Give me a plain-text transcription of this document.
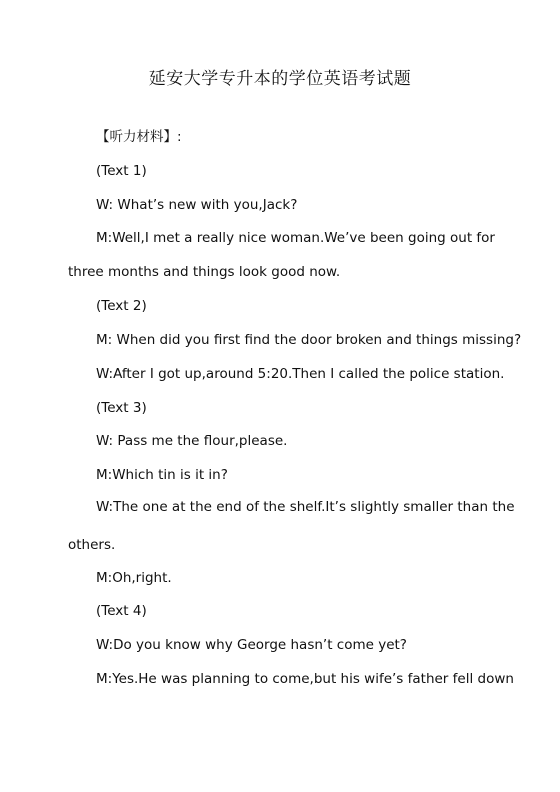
延安大学专升本的学位英语考试题
【听力材料】:
(Text 1)
W: What’s new with you,Jack?
M:Well,I met a really nice woman.We’ve been going out for
three months and things look good now.
(Text 2)
M: When did you first find the door broken and things missing?
W:After I got up,around 5:20.Then I called the police station.
(Text 3)
W: Pass me the flour,please.
M:Which tin is it in?
W:The one at the end of the shelf.It’s slightly smaller than the
others.
M:Oh,right.
(Text 4)
W:Do you know why George hasn’t come yet?
M:Yes.He was planning to come,but his wife’s father fell down
